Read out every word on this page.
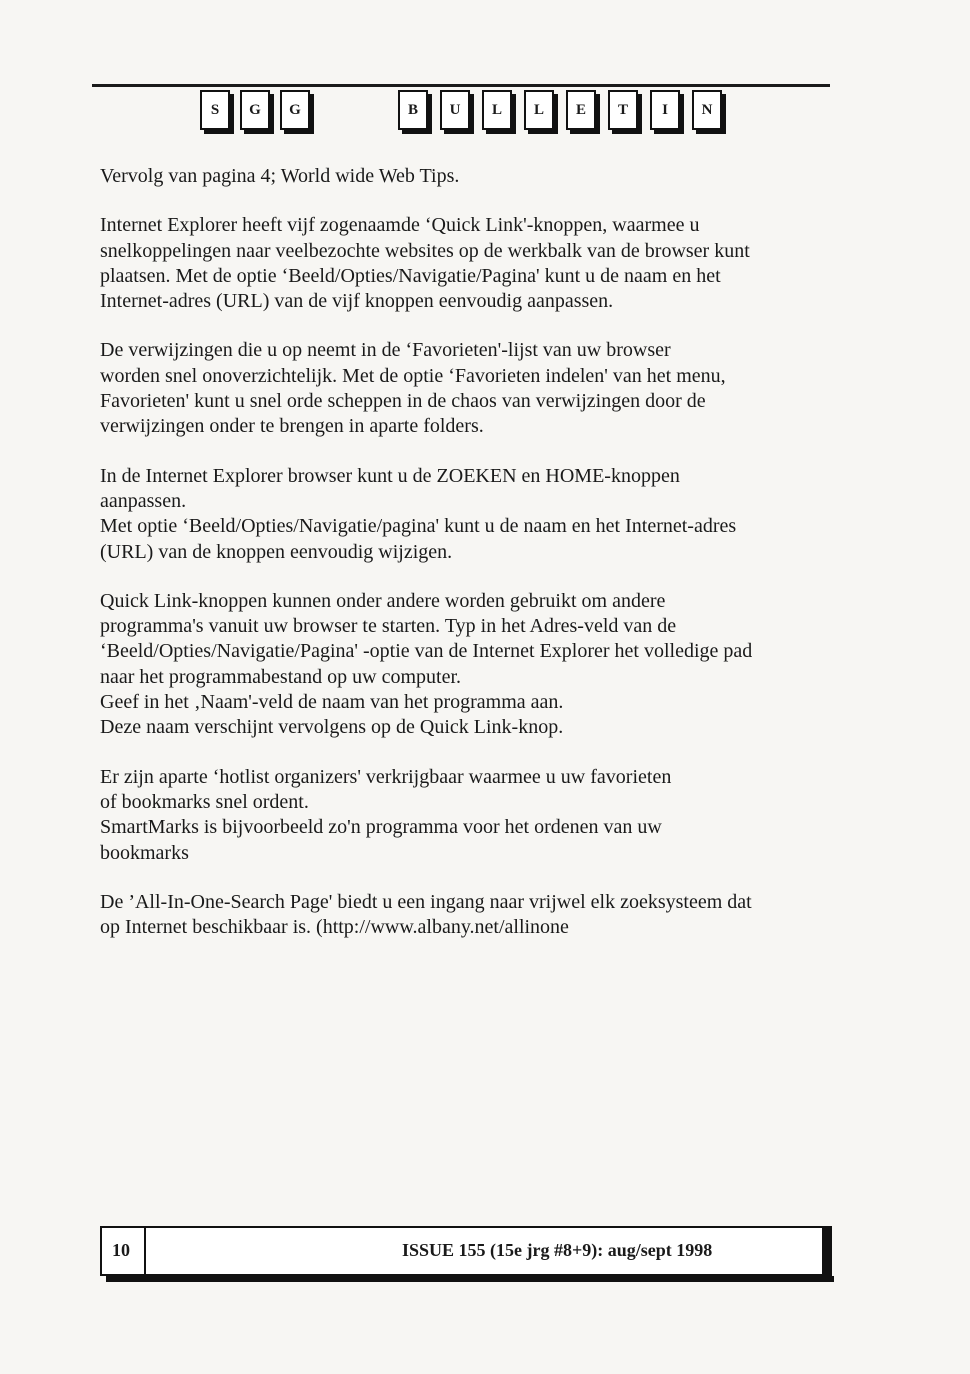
S	G	G	B	U	L	L	E	T	I	N

Vervolg van pagina 4; World wide Web Tips.

Internet Explorer heeft vijf zogenaamde ‘Quick Link'-knoppen, waarmee u
snelkoppelingen naar veelbezochte websites op de werkbalk van de browser kunt
plaatsen. Met de optie ‘Beeld/Opties/Navigatie/Pagina' kunt u de naam en het
Internet-adres (URL) van de vijf knoppen eenvoudig aanpassen.

De verwijzingen die u op neemt in de ‘Favorieten'-lijst van uw browser
worden snel onoverzichtelijk. Met de optie ‘Favorieten indelen' van het menu,
Favorieten' kunt u snel orde scheppen in de chaos van verwijzingen door de
verwijzingen onder te brengen in aparte folders.

In de Internet Explorer browser kunt u de ZOEKEN en HOME-knoppen
aanpassen.
Met optie ‘Beeld/Opties/Navigatie/pagina' kunt u de naam en het Internet-adres
(URL) van de knoppen eenvoudig wijzigen.

Quick Link-knoppen kunnen onder andere worden gebruikt om andere
programma's vanuit uw browser te starten. Typ in het Adres-veld van de
‘Beeld/Opties/Navigatie/Pagina' -optie van de Internet Explorer het volledige pad
naar het programmabestand op uw computer.
Geef in het ‚Naam'-veld de naam van het programma aan.
Deze naam verschijnt vervolgens op de Quick Link-knop.

Er zijn aparte ‘hotlist organizers' verkrijgbaar waarmee u uw favorieten
of bookmarks snel ordent.
SmartMarks is bijvoorbeeld zo'n programma voor het ordenen van uw
bookmarks

De ’All-In-One-Search Page' biedt u een ingang naar vrijwel elk zoeksysteem dat
op Internet beschikbaar is. (http://www.albany.net/allinone

10	ISSUE 155 (15e jrg #8+9): aug/sept 1998
